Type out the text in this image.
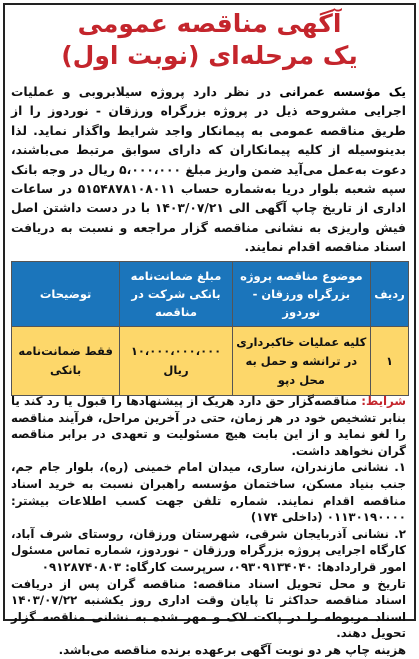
آگهی مناقصه عمومی
یک مرحله‌ای (نوبت اول)
یک مؤسسه عمرانی در نظر دارد پروژه سیلابروبی و عملیات اجرایی مشروحه ذیل در پروژه بزرگراه ورزقان - نوردوز را از طریق مناقصه عمومی به پیمانکار واجد شرایط واگذار نماید. لذا بدینوسیله از کلیه پیمانکاران که دارای سوابق مرتبط می‌باشند، دعوت به‌عمل می‌آید ضمن واریز مبلغ ۵،۰۰۰،۰۰۰ ریال در وجه بانک سپه شعبه بلوار دریا به‌شماره حساب ۵۱۵۴۸۷۸۱۰۸۰۱۱ در ساعات اداری از تاریخ چاپ آگهی الی ۱۴۰۳/۰۷/۲۱ با در دست داشتن اصل فیش واریزی به نشانی مناقصه گزار مراجعه و نسبت به دریافت اسناد مناقصه اقدام نمایند.
ردیف	موضوع مناقصه پروژه بزرگراه ورزقان - نوردوز	مبلغ ضمانت‌نامه بانکی شرکت در مناقصه	توضیحات
۱	کلیه عملیات خاکبرداری در ترانشه و حمل به محل دپو	۱۰،۰۰۰،۰۰۰،۰۰۰ ریال	فقط ضمانت‌نامه بانکی

شرایط: مناقصه‌گزار حق دارد هریک از پیشنهادها را قبول یا رد کند یا بنابر تشخیص خود در هر زمان، حتی در آخرین مراحل، فرآیند مناقصه را لغو نماید و از این بابت هیچ مسئولیت و تعهدی در برابر مناقصه گران نخواهد داشت.

۱. نشانی مازندران، ساری، میدان امام خمینی (ره)، بلوار جام جم، جنب بنیاد مسکن، ساختمان مؤسسه راهبران نسبت به خرید اسناد مناقصه اقدام نمایند. شماره تلفن جهت کسب اطلاعات بیشتر: ۰۱۱۳۰۱۹۰۰۰۰ (داخلی ۱۷۴)

۲. نشانی آذربایجان شرقی، شهرستان ورزقان، روستای شرف آباد، کارگاه اجرایی پروژه بزرگراه ورزقان - نوردوز، شماره تماس مسئول امور قراردادها: ۰۹۳۰۹۱۳۴۰۴۰، سرپرست کارگاه: ۰۹۱۲۸۷۴۰۸۰۳

تاریخ و محل تحویل اسناد مناقصه: مناقصه گران پس از دریافت اسناد مناقصه حداکثر تا پایان وقت اداری روز یکشنبه ۱۴۰۳/۰۷/۲۲ اسناد مربوطه را در پاکت لاک و مهر شده به نشانی مناقصه گزار تحویل دهند.

هزینه چاپ هر دو نوبت آگهی برعهده برنده مناقصه می‌باشد.
